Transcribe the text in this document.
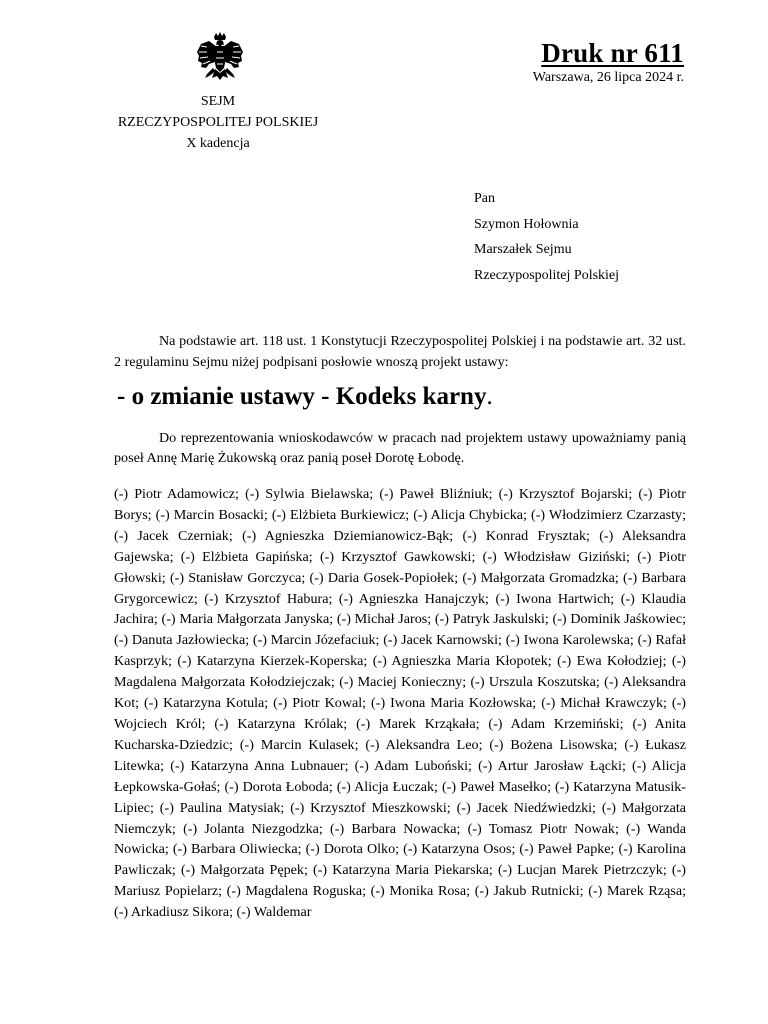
SEJM
RZECZYPOSPOLITEJ POLSKIEJ
X kadencja
Druk nr 611
Warszawa, 26 lipca 2024 r.
Pan
Szymon Hołownia
Marszałek Sejmu
Rzeczypospolitej Polskiej

Na podstawie art. 118 ust. 1 Konstytucji Rzeczypospolitej Polskiej i na podstawie art. 32 ust. 2 regulaminu Sejmu niżej podpisani posłowie wnoszą projekt ustawy:

- o zmianie ustawy - Kodeks karny.

Do reprezentowania wnioskodawców w pracach nad projektem ustawy upoważniamy panią poseł Annę Marię Żukowską oraz panią poseł Dorotę Łobodę.

(-) Piotr Adamowicz; (-) Sylwia Bielawska; (-) Paweł Bliźniuk; (-) Krzysztof Bojarski; (-) Piotr Borys; (-) Marcin Bosacki; (-) Elżbieta Burkiewicz; (-) Alicja Chybicka; (-) Włodzimierz Czarzasty; (-) Jacek Czerniak; (-) Agnieszka Dziemianowicz-Bąk; (-) Konrad Frysztak; (-) Aleksandra Gajewska; (-) Elżbieta Gapińska; (-) Krzysztof Gawkowski; (-) Włodzisław Giziński; (-) Piotr Głowski; (-) Stanisław Gorczyca; (-) Daria Gosek-Popiołek; (-) Małgorzata Gromadzka; (-) Barbara Grygorcewicz; (-) Krzysztof Habura; (-) Agnieszka Hanajczyk; (-) Iwona Hartwich; (-) Klaudia Jachira; (-) Maria Małgorzata Janyska; (-) Michał Jaros; (-) Patryk Jaskulski; (-) Dominik Jaśkowiec; (-) Danuta Jazłowiecka; (-) Marcin Józefaciuk; (-) Jacek Karnowski; (-) Iwona Karolewska; (-) Rafał Kasprzyk; (-) Katarzyna Kierzek-Koperska; (-) Agnieszka Maria Kłopotek; (-) Ewa Kołodziej; (-) Magdalena Małgorzata Kołodziejczak; (-) Maciej Konieczny; (-) Urszula Koszutska; (-) Aleksandra Kot; (-) Katarzyna Kotula; (-) Piotr Kowal; (-) Iwona Maria Kozłowska; (-) Michał Krawczyk; (-) Wojciech Król; (-) Katarzyna Królak; (-) Marek Krząkała; (-) Adam Krzemiński; (-) Anita Kucharska-Dziedzic; (-) Marcin Kulasek; (-) Aleksandra Leo; (-) Bożena Lisowska; (-) Łukasz Litewka; (-) Katarzyna Anna Lubnauer; (-) Adam Luboński; (-) Artur Jarosław Łącki; (-) Alicja Łepkowska-Gołaś; (-) Dorota Łoboda; (-) Alicja Łuczak; (-) Paweł Masełko; (-) Katarzyna Matusik-Lipiec; (-) Paulina Matysiak; (-) Krzysztof Mieszkowski; (-) Jacek Niedźwiedzki; (-) Małgorzata Niemczyk; (-) Jolanta Niezgodzka; (-) Barbara Nowacka; (-) Tomasz Piotr Nowak; (-) Wanda Nowicka; (-) Barbara Oliwiecka; (-) Dorota Olko; (-) Katarzyna Osos; (-) Paweł Papke; (-) Karolina Pawliczak; (-) Małgorzata Pępek; (-) Katarzyna Maria Piekarska; (-) Lucjan Marek Pietrzczyk; (-) Mariusz Popielarz; (-) Magdalena Roguska; (-) Monika Rosa; (-) Jakub Rutnicki; (-) Marek Rząsa; (-) Arkadiusz Sikora; (-) Waldemar
